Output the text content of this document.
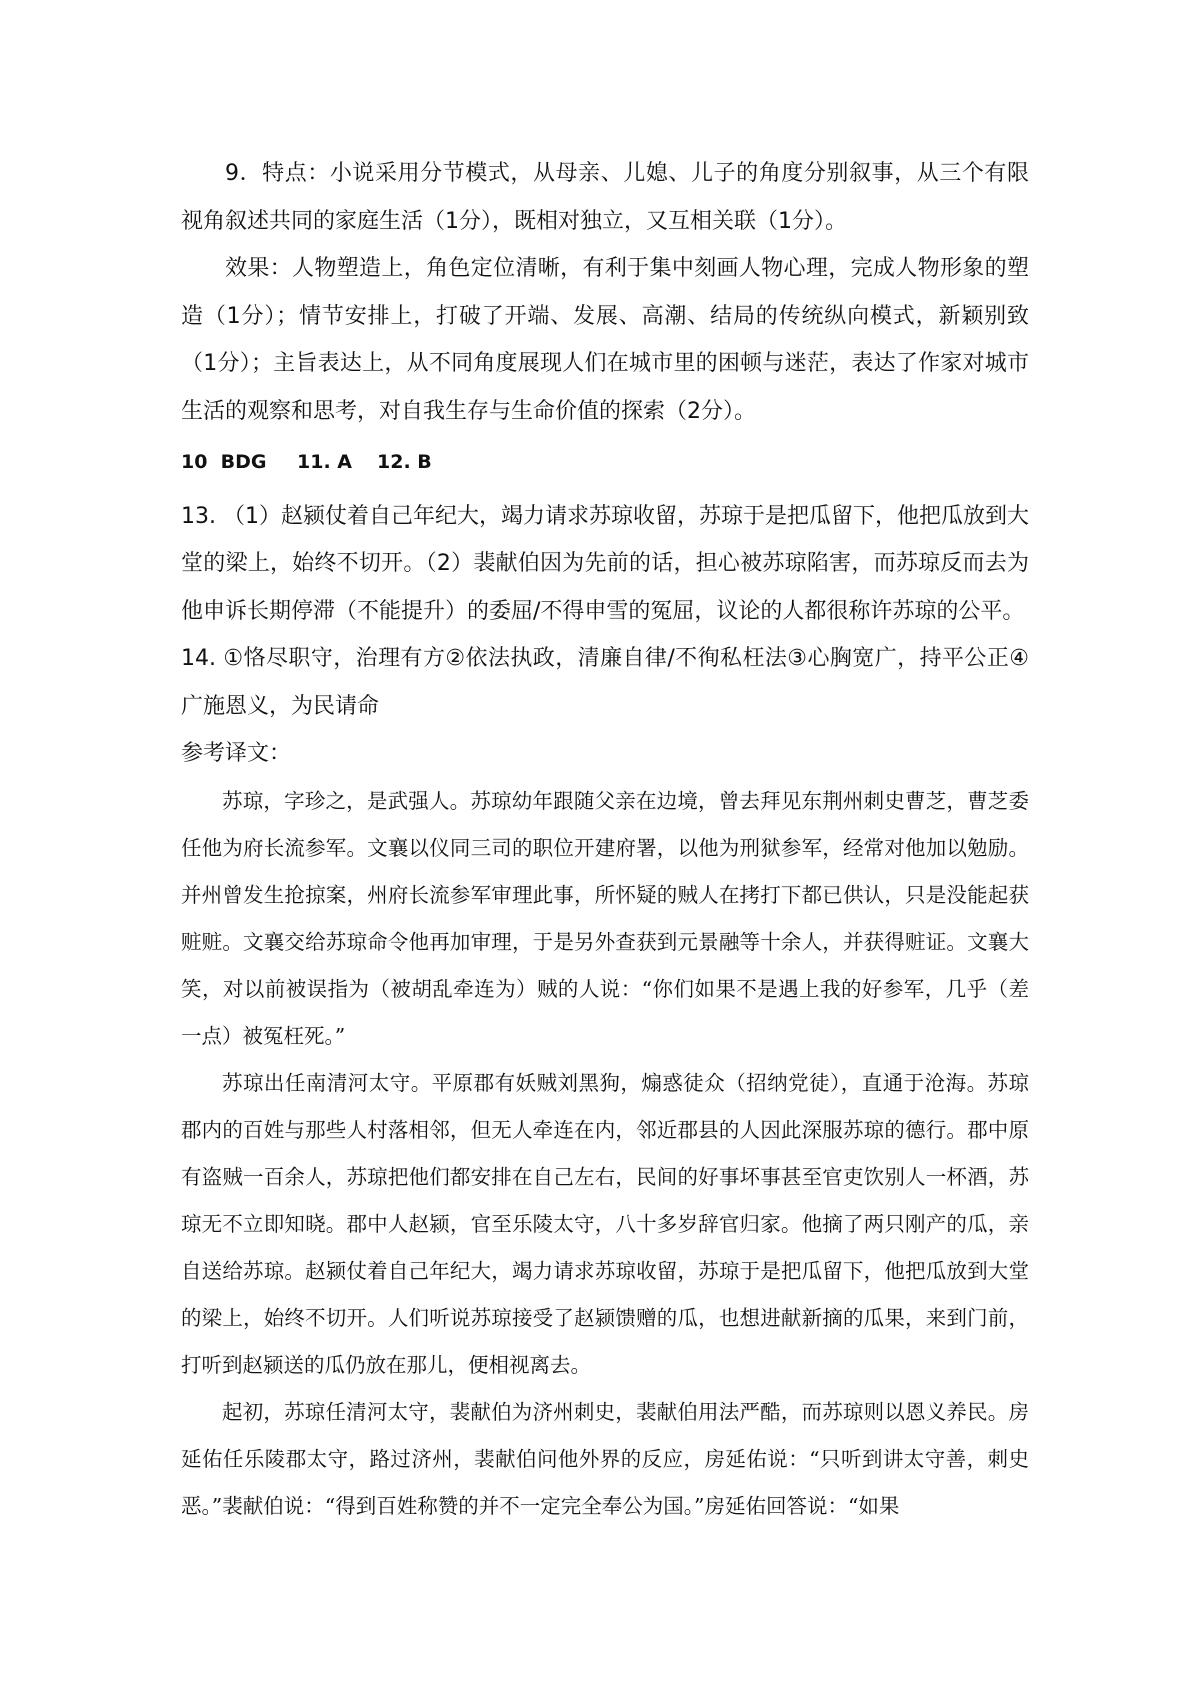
9．特点：小说采用分节模式，从母亲、儿媳、儿子的角度分别叙事，从三个有限视角叙述共同的家庭生活（1分），既相对独立，又互相关联（1分）。

效果：人物塑造上，角色定位清晰，有利于集中刻画人物心理，完成人物形象的塑造（1分）；情节安排上，打破了开端、发展、高潮、结局的传统纵向模式，新颖别致（1分）；主旨表达上，从不同角度展现人们在城市里的困顿与迷茫，表达了作家对城市生活的观察和思考，对自我生存与生命价值的探索（2分）。

10  BDG 11. A 12. B

13. （1）赵颍仗着自己年纪大，竭力请求苏琼收留，苏琼于是把瓜留下，他把瓜放到大堂的梁上，始终不切开。（2）裴献伯因为先前的话，担心被苏琼陷害，而苏琼反而去为他申诉长期停滞（不能提升）的委屈/不得申雪的冤屈，议论的人都很称许苏琼的公平。

14. ①恪尽职守，治理有方②依法执政，清廉自律/不徇私枉法③心胸宽广，持平公正④广施恩义，为民请命

参考译文：

苏琼，字珍之，是武强人。苏琼幼年跟随父亲在边境，曾去拜见东荆州刺史曹芝，曹芝委任他为府长流参军。文襄以仪同三司的职位开建府署，以他为刑狱参军，经常对他加以勉励。并州曾发生抢掠案，州府长流参军审理此事，所怀疑的贼人在拷打下都已供认，只是没能起获赃赃。文襄交给苏琼命令他再加审理，于是另外查获到元景融等十余人，并获得赃证。文襄大笑，对以前被误指为（被胡乱牵连为）贼的人说：“你们如果不是遇上我的好参军，几乎（差一点）被冤枉死。”

苏琼出任南清河太守。平原郡有妖贼刘黑狗，煽惑徒众（招纳党徒），直通于沧海。苏琼郡内的百姓与那些人村落相邻，但无人牵连在内，邻近郡县的人因此深服苏琼的德行。郡中原有盗贼一百余人，苏琼把他们都安排在自己左右，民间的好事坏事甚至官吏饮别人一杯酒，苏琼无不立即知晓。郡中人赵颍，官至乐陵太守，八十多岁辞官归家。他摘了两只刚产的瓜，亲自送给苏琼。赵颍仗着自己年纪大，竭力请求苏琼收留，苏琼于是把瓜留下，他把瓜放到大堂的梁上，始终不切开。人们听说苏琼接受了赵颍馈赠的瓜，也想进献新摘的瓜果，来到门前，打听到赵颍送的瓜仍放在那儿，便相视离去。

起初，苏琼任清河太守，裴献伯为济州刺史，裴献伯用法严酷，而苏琼则以恩义养民。房延佑任乐陵郡太守，路过济州，裴献伯问他外界的反应，房延佑说：“只听到讲太守善，刺史恶。”裴献伯说：“得到百姓称赞的并不一定完全奉公为国。”房延佑回答说：“如果
